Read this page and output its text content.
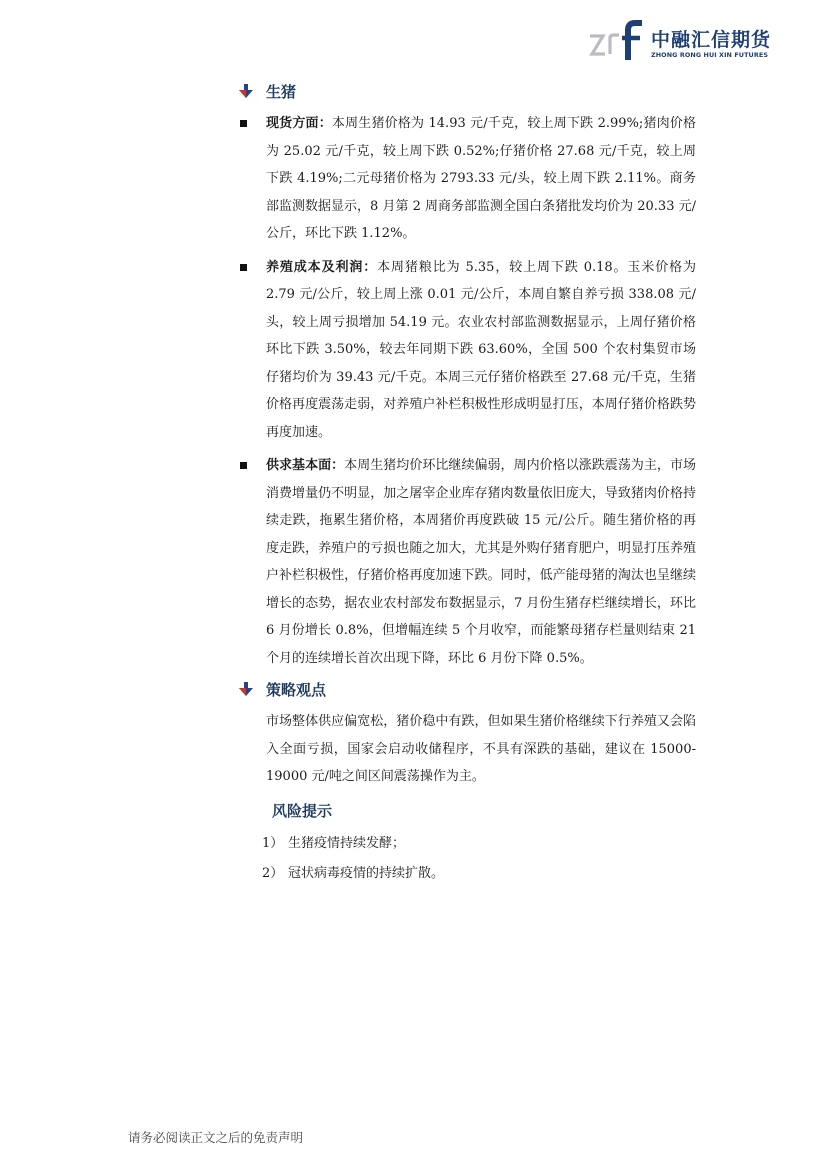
中融汇信期货
ZHONG RONG HUI XIN FUTURES
生猪

现货方面：本周生猪价格为 14.93 元/千克，较上周下跌 2.99%;猪肉价格为 25.02 元/千克，较上周下跌 0.52%;仔猪价格 27.68 元/千克，较上周下跌 4.19%;二元母猪价格为 2793.33 元/头，较上周下跌 2.11%。商务部监测数据显示，8 月第 2 周商务部监测全国白条猪批发均价为 20.33 元/公斤，环比下跌 1.12%。

养殖成本及利润：本周猪粮比为 5.35，较上周下跌 0.18。玉米价格为 2.79 元/公斤，较上周上涨 0.01 元/公斤，本周自繁自养亏损 338.08 元/头，较上周亏损增加 54.19 元。农业农村部监测数据显示，上周仔猪价格环比下跌 3.50%，较去年同期下跌 63.60%，全国 500 个农村集贸市场仔猪均价为 39.43 元/千克。本周三元仔猪价格跌至 27.68 元/千克，生猪价格再度震荡走弱，对养殖户补栏积极性形成明显打压，本周仔猪价格跌势再度加速。

供求基本面：本周生猪均价环比继续偏弱，周内价格以涨跌震荡为主，市场消费增量仍不明显，加之屠宰企业库存猪肉数量依旧庞大，导致猪肉价格持续走跌，拖累生猪价格，本周猪价再度跌破 15 元/公斤。随生猪价格的再度走跌，养殖户的亏损也随之加大，尤其是外购仔猪育肥户，明显打压养殖户补栏积极性，仔猪价格再度加速下跌。同时，低产能母猪的淘汰也呈继续增长的态势，据农业农村部发布数据显示，7 月份生猪存栏继续增长，环比 6 月份增长 0.8%，但增幅连续 5 个月收窄，而能繁母猪存栏量则结束 21 个月的连续增长首次出现下降，环比 6 月份下降 0.5%。

策略观点

市场整体供应偏宽松，猪价稳中有跌，但如果生猪价格继续下行养殖又会陷入全面亏损，国家会启动收储程序，不具有深跌的基础，建议在 15000-19000 元/吨之间区间震荡操作为主。

风险提示
1） 生猪疫情持续发酵；
2） 冠状病毒疫情的持续扩散。
请务必阅读正文之后的免责声明
